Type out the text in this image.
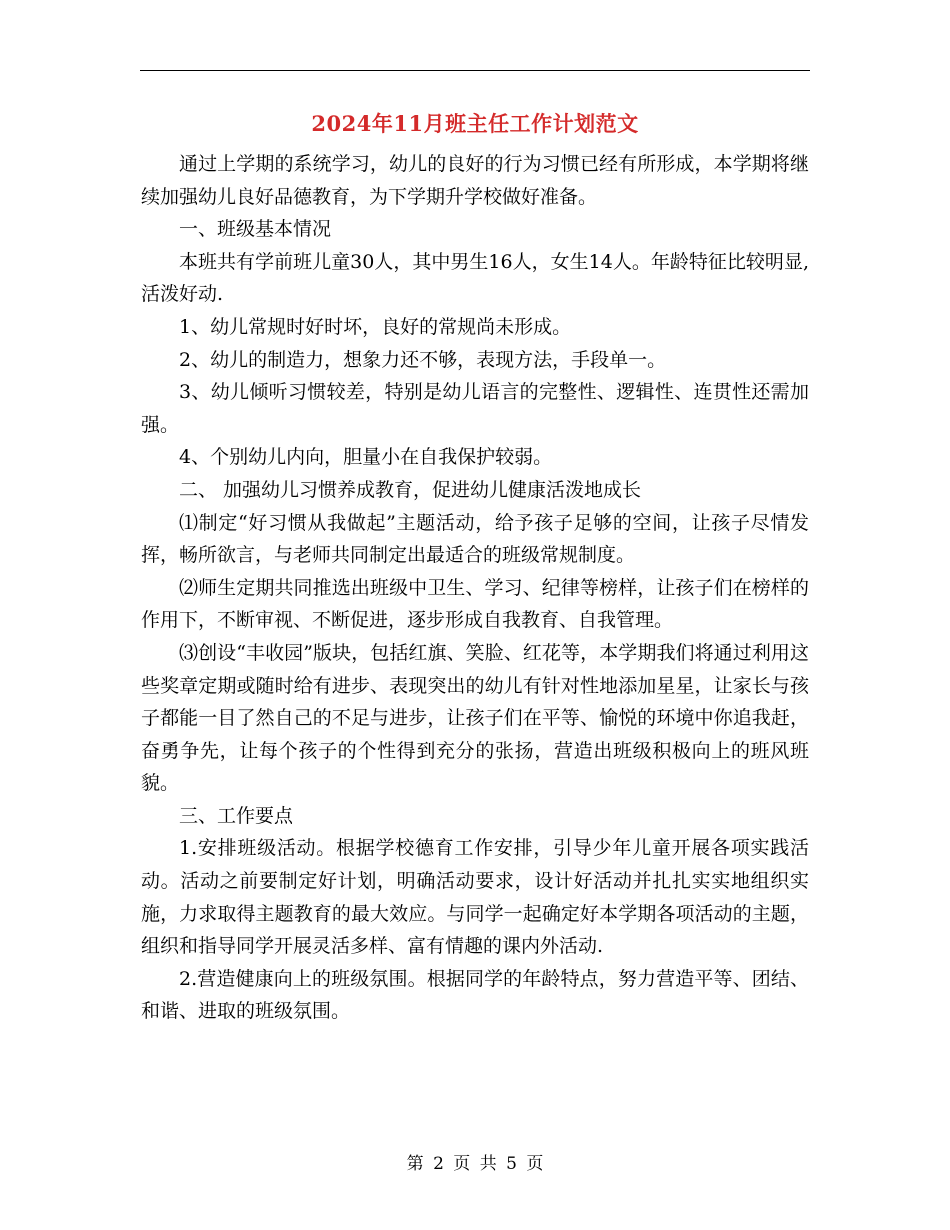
2024年11月班主任工作计划范文

通过上学期的系统学习，幼儿的良好的行为习惯已经有所形成，本学期将继续加强幼儿良好品德教育，为下学期升学校做好准备。

一、班级基本情况

本班共有学前班儿童30人，其中男生16人，女生14人。年龄特征比较明显,活泼好动.

1、幼儿常规时好时坏，良好的常规尚未形成。

2、幼儿的制造力，想象力还不够，表现方法，手段单一。

3、幼儿倾听习惯较差，特别是幼儿语言的完整性、逻辑性、连贯性还需加强。

4、个别幼儿内向，胆量小在自我保护较弱。

二、 加强幼儿习惯养成教育，促进幼儿健康活泼地成长

⑴制定“好习惯从我做起”主题活动，给予孩子足够的空间，让孩子尽情发挥，畅所欲言，与老师共同制定出最适合的班级常规制度。

⑵师生定期共同推选出班级中卫生、学习、纪律等榜样，让孩子们在榜样的作用下，不断审视、不断促进，逐步形成自我教育、自我管理。

⑶创设“丰收园”版块，包括红旗、笑脸、红花等，本学期我们将通过利用这些奖章定期或随时给有进步、表现突出的幼儿有针对性地添加星星，让家长与孩子都能一目了然自己的不足与进步，让孩子们在平等、愉悦的环境中你追我赶，奋勇争先，让每个孩子的个性得到充分的张扬，营造出班级积极向上的班风班貌。

三、工作要点

1.安排班级活动。根据学校德育工作安排，引导少年儿童开展各项实践活动。活动之前要制定好计划，明确活动要求，设计好活动并扎扎实实地组织实施，力求取得主题教育的最大效应。与同学一起确定好本学期各项活动的主题，组织和指导同学开展灵活多样、富有情趣的课内外活动.

2.营造健康向上的班级氛围。根据同学的年龄特点，努力营造平等、团结、和谐、进取的班级氛围。

第 2 页 共 5 页
